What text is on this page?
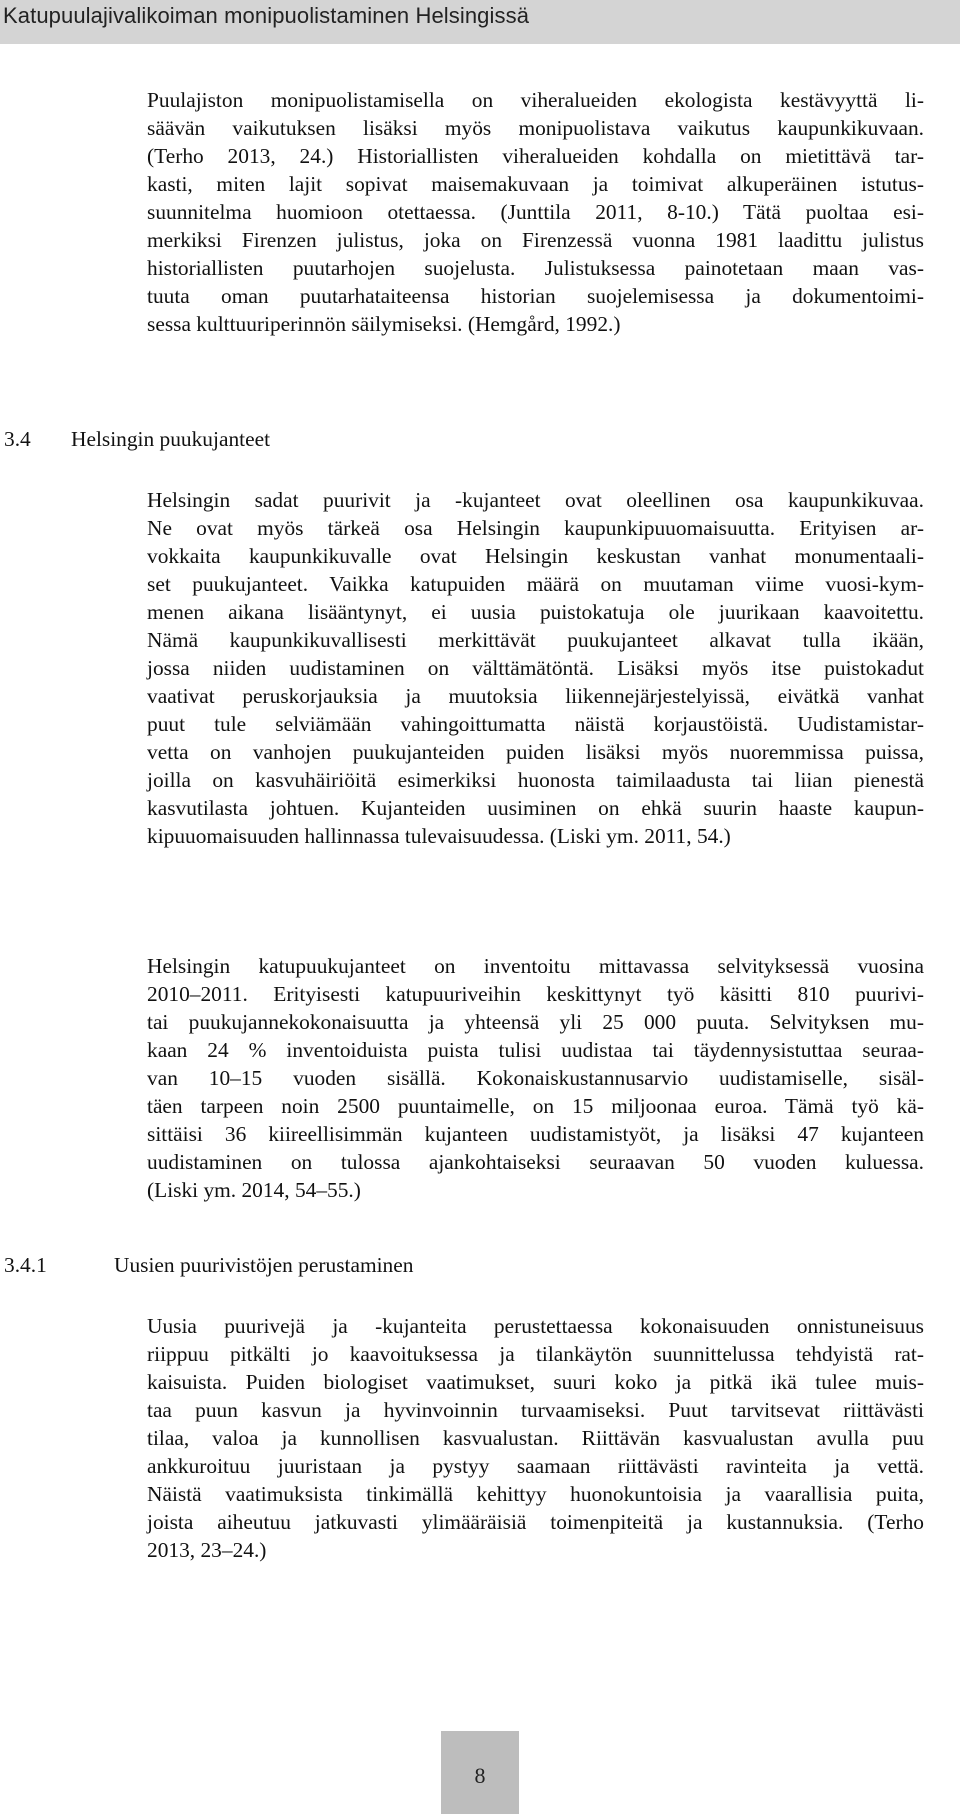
Katupuulajivalikoiman monipuolistaminen Helsingissä
Puulajiston monipuolistamisella on viheralueiden ekologista kestävyyttä li-
säävän vaikutuksen lisäksi myös monipuolistava vaikutus kaupunkikuvaan.
(Terho 2013, 24.) Historiallisten viheralueiden kohdalla on mietittävä tar-
kasti, miten lajit sopivat maisemakuvaan ja toimivat alkuperäinen istutus-
suunnitelma huomioon otettaessa. (Junttila 2011, 8-10.) Tätä puoltaa esi-
merkiksi Firenzen julistus, joka on Firenzessä vuonna 1981 laadittu julistus
historiallisten puutarhojen suojelusta. Julistuksessa painotetaan maan vas-
tuuta oman puutarhataiteensa historian suojelemisessa ja dokumentoimi-
sessa kulttuuriperinnön säilymiseksi. (Hemgård, 1992.)
3.4 Helsingin puukujanteet
Helsingin sadat puurivit ja -kujanteet ovat oleellinen osa kaupunkikuvaa.
Ne ovat myös tärkeä osa Helsingin kaupunkipuuomaisuutta. Erityisen ar-
vokkaita kaupunkikuvalle ovat Helsingin keskustan vanhat monumentaali-
set puukujanteet. Vaikka katupuiden määrä on muutaman viime vuosi-kym-
menen aikana lisääntynyt, ei uusia puistokatuja ole juurikaan kaavoitettu.
Nämä kaupunkikuvallisesti merkittävät puukujanteet alkavat tulla ikään,
jossa niiden uudistaminen on välttämätöntä. Lisäksi myös itse puistokadut
vaativat peruskorjauksia ja muutoksia liikennejärjestelyissä, eivätkä vanhat
puut tule selviämään vahingoittumatta näistä korjaustöistä. Uudistamistar-
vetta on vanhojen puukujanteiden puiden lisäksi myös nuoremmissa puissa,
joilla on kasvuhäiriöitä esimerkiksi huonosta taimilaadusta tai liian pienestä
kasvutilasta johtuen. Kujanteiden uusiminen on ehkä suurin haaste kaupun-
kipuuomaisuuden hallinnassa tulevaisuudessa. (Liski ym. 2011, 54.)
Helsingin katupuukujanteet on inventoitu mittavassa selvityksessä vuosina
2010–2011. Erityisesti katupuuriveihin keskittynyt työ käsitti 810 puurivi-
tai puukujannekokonaisuutta ja yhteensä yli 25 000 puuta. Selvityksen mu-
kaan 24 % inventoiduista puista tulisi uudistaa tai täydennysistuttaa seuraa-
van 10–15 vuoden sisällä. Kokonaiskustannusarvio uudistamiselle, sisäl-
täen tarpeen noin 2500 puuntaimelle, on 15 miljoonaa euroa. Tämä työ kä-
sittäisi 36 kiireellisimmän kujanteen uudistamistyöt, ja lisäksi 47 kujanteen
uudistaminen on tulossa ajankohtaiseksi seuraavan 50 vuoden kuluessa.
(Liski ym. 2014, 54–55.)
3.4.1	Uusien puurivistöjen perustaminen
Uusia puurivejä ja -kujanteita perustettaessa kokonaisuuden onnistuneisuus
riippuu pitkälti jo kaavoituksessa ja tilankäytön suunnittelussa tehdyistä rat-
kaisuista. Puiden biologiset vaatimukset, suuri koko ja pitkä ikä tulee muis-
taa puun kasvun ja hyvinvoinnin turvaamiseksi. Puut tarvitsevat riittävästi
tilaa, valoa ja kunnollisen kasvualustan. Riittävän kasvualustan avulla puu
ankkuroituu juuristaan ja pystyy saamaan riittävästi ravinteita ja vettä.
Näistä vaatimuksista tinkimällä kehittyy huonokuntoisia ja vaarallisia puita,
joista aiheutuu jatkuvasti ylimääräisiä toimenpiteitä ja kustannuksia. (Terho
2013, 23–24.)
8
